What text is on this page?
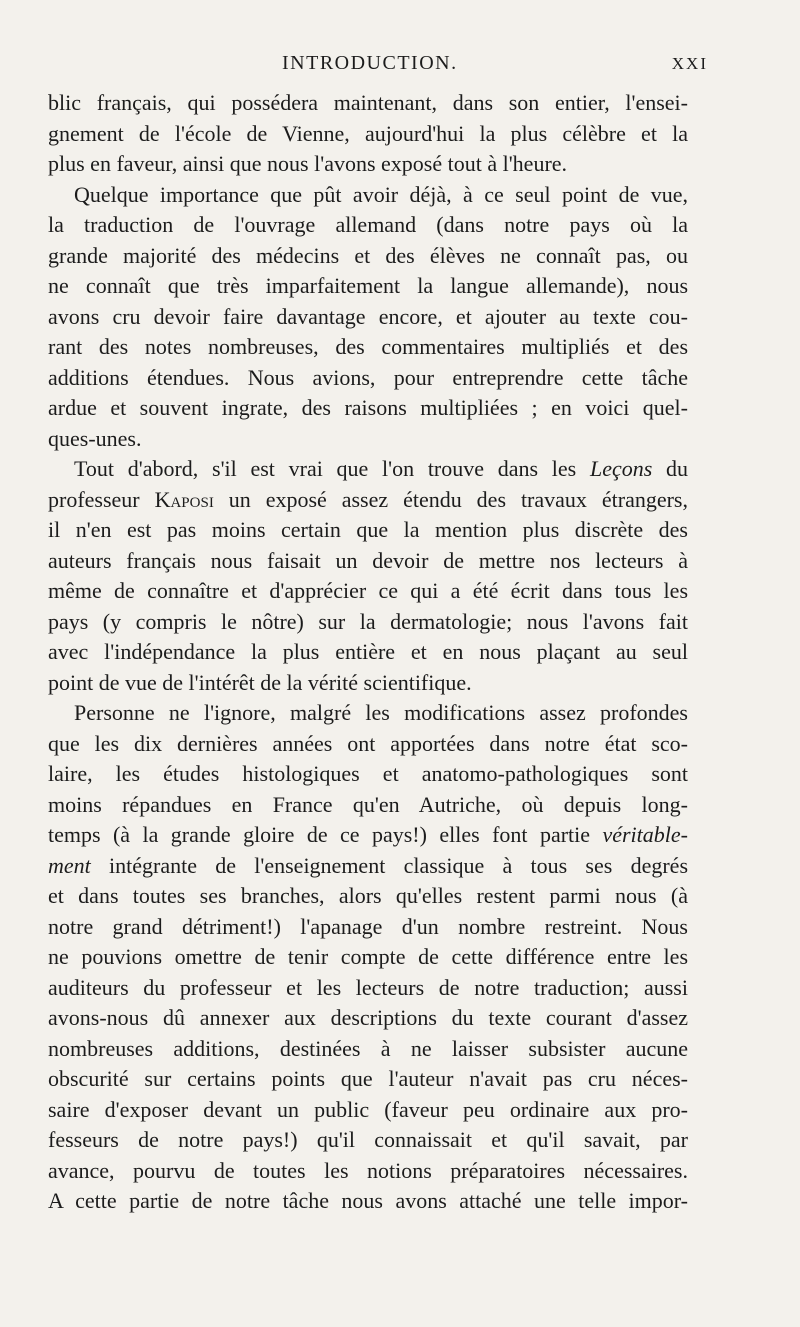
INTRODUCTION.	XXI
blic français, qui possédera maintenant, dans son entier, l'ensei-
gnement de l'école de Vienne, aujourd'hui la plus célèbre et la
plus en faveur, ainsi que nous l'avons exposé tout à l'heure.
Quelque importance que pût avoir déjà, à ce seul point de vue,
la traduction de l'ouvrage allemand (dans notre pays où la
grande majorité des médecins et des élèves ne connaît pas, ou
ne connaît que très imparfaitement la langue allemande), nous
avons cru devoir faire davantage encore, et ajouter au texte cou-
rant des notes nombreuses, des commentaires multipliés et des
additions étendues. Nous avions, pour entreprendre cette tâche
ardue et souvent ingrate, des raisons multipliées ; en voici quel-
ques-unes.
Tout d'abord, s'il est vrai que l'on trouve dans les Leçons du
professeur Kaposi un exposé assez étendu des travaux étrangers,
il n'en est pas moins certain que la mention plus discrète des
auteurs français nous faisait un devoir de mettre nos lecteurs à
même de connaître et d'apprécier ce qui a été écrit dans tous les
pays (y compris le nôtre) sur la dermatologie; nous l'avons fait
avec l'indépendance la plus entière et en nous plaçant au seul
point de vue de l'intérêt de la vérité scientifique.
Personne ne l'ignore, malgré les modifications assez profondes
que les dix dernières années ont apportées dans notre état sco-
laire, les études histologiques et anatomo-pathologiques sont
moins répandues en France qu'en Autriche, où depuis long-
temps (à la grande gloire de ce pays!) elles font partie véritable-
ment intégrante de l'enseignement classique à tous ses degrés
et dans toutes ses branches, alors qu'elles restent parmi nous (à
notre grand détriment!) l'apanage d'un nombre restreint. Nous
ne pouvions omettre de tenir compte de cette différence entre les
auditeurs du professeur et les lecteurs de notre traduction; aussi
avons-nous dû annexer aux descriptions du texte courant d'assez
nombreuses additions, destinées à ne laisser subsister aucune
obscurité sur certains points que l'auteur n'avait pas cru néces-
saire d'exposer devant un public (faveur peu ordinaire aux pro-
fesseurs de notre pays!) qu'il connaissait et qu'il savait, par
avance, pourvu de toutes les notions préparatoires nécessaires.
A cette partie de notre tâche nous avons attaché une telle impor-
